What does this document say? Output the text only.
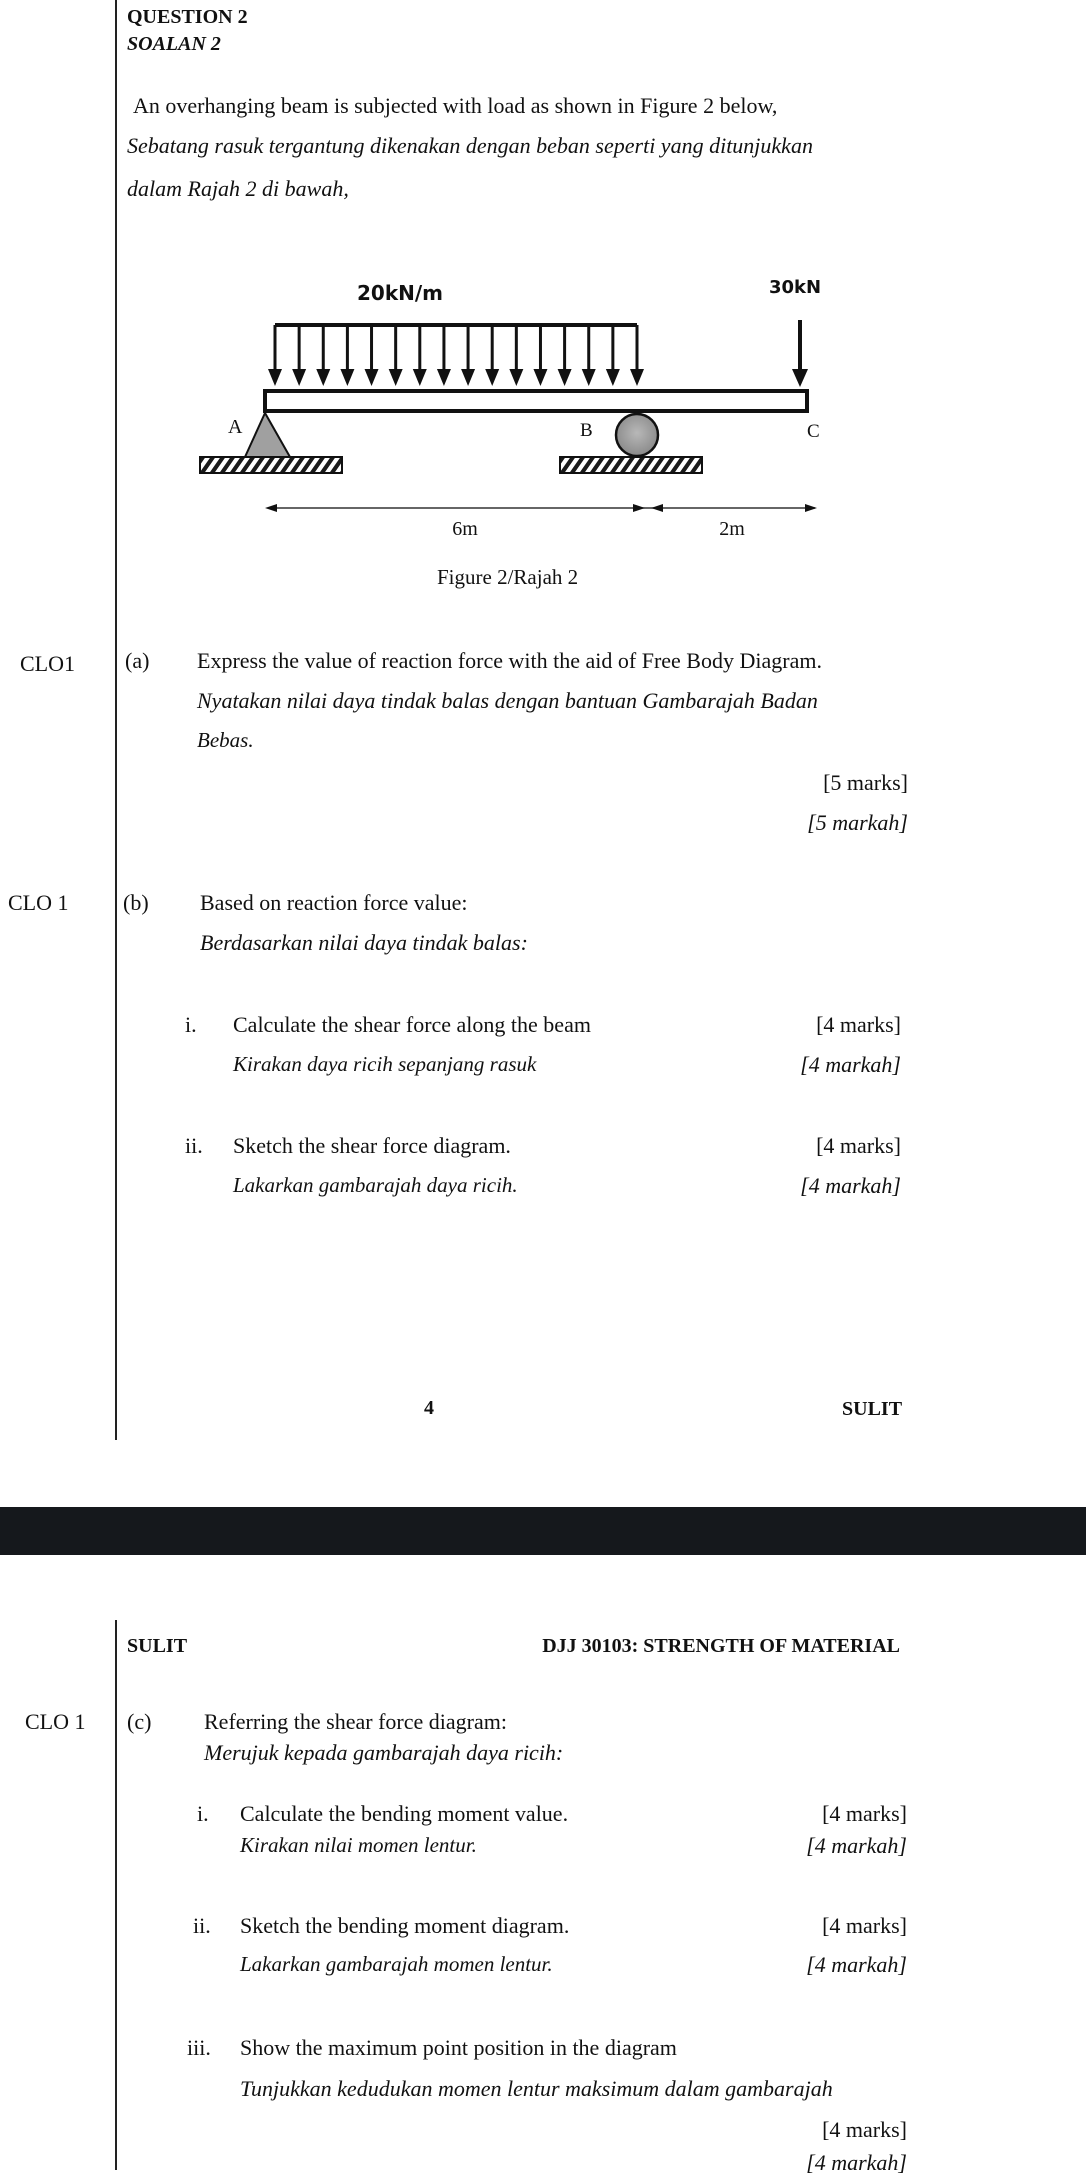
QUESTION 2
SOALAN 2
An overhanging beam is subjected with load as shown in Figure 2 below,
Sebatang rasuk tergantung dikenakan dengan beban seperti yang ditunjukkan
dalam Rajah 2 di bawah,
20kN/m	30kN
A	B	C
6m	2m
Figure 2/Rajah 2
CLO1 (a) Express the value of reaction force with the aid of Free Body Diagram.
Nyatakan nilai daya tindak balas dengan bantuan Gambarajah Badan
Bebas.
[5 marks]
[5 markah]
CLO 1 (b) Based on reaction force value:
Berdasarkan nilai daya tindak balas:
i. Calculate the shear force along the beam	[4 marks]
Kirakan daya ricih sepanjang rasuk	[4 markah]
ii. Sketch the shear force diagram.	[4 marks]
Lakarkan gambarajah daya ricih.	[4 markah]
4	SULIT
SULIT	DJJ 30103: STRENGTH OF MATERIAL
CLO 1 (c) Referring the shear force diagram:
Merujuk kepada gambarajah daya ricih:
i. Calculate the bending moment value.	[4 marks]
Kirakan nilai momen lentur.	[4 markah]
ii. Sketch the bending moment diagram.	[4 marks]
Lakarkan gambarajah momen lentur.	[4 markah]
iii. Show the maximum point position in the diagram
Tunjukkan kedudukan momen lentur maksimum dalam gambarajah
[4 marks]
[4 markah]
